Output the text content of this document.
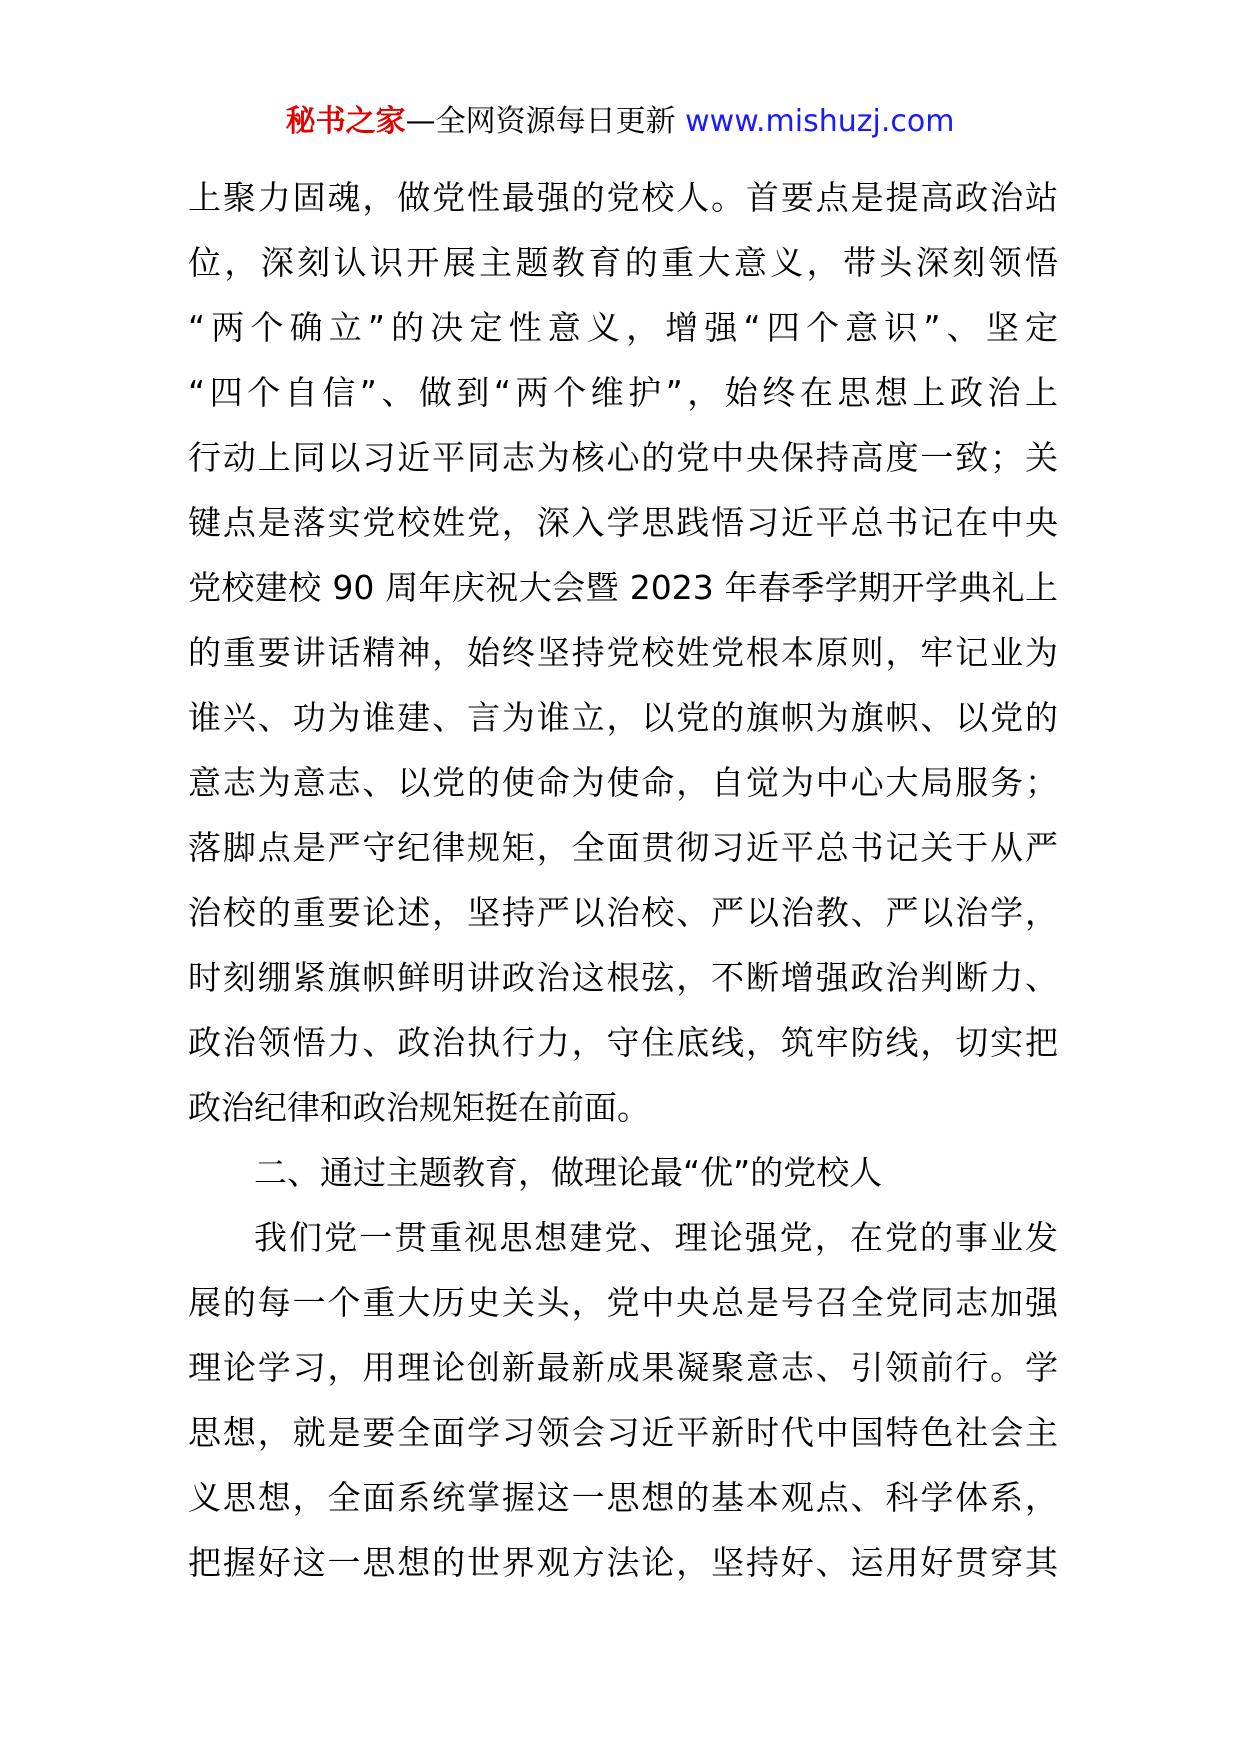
秘书之家—全网资源每日更新 www.mishuzj.com
上聚力固魂，做党性最强的党校人。首要点是提高政治站
位，深刻认识开展主题教育的重大意义，带头深刻领悟
“两个确立”的决定性意义，增强“四个意识”、坚定
“四个自信”、做到“两个维护”，始终在思想上政治上
行动上同以习近平同志为核心的党中央保持高度一致；关
键点是落实党校姓党，深入学思践悟习近平总书记在中央
党校建校 90 周年庆祝大会暨 2023 年春季学期开学典礼上
的重要讲话精神，始终坚持党校姓党根本原则，牢记业为
谁兴、功为谁建、言为谁立，以党的旗帜为旗帜、以党的
意志为意志、以党的使命为使命，自觉为中心大局服务；
落脚点是严守纪律规矩，全面贯彻习近平总书记关于从严
治校的重要论述，坚持严以治校、严以治教、严以治学，
时刻绷紧旗帜鲜明讲政治这根弦，不断增强政治判断力、
政治领悟力、政治执行力，守住底线，筑牢防线，切实把
政治纪律和政治规矩挺在前面。
二、通过主题教育，做理论最“优”的党校人
我们党一贯重视思想建党、理论强党，在党的事业发
展的每一个重大历史关头，党中央总是号召全党同志加强
理论学习，用理论创新最新成果凝聚意志、引领前行。学
思想，就是要全面学习领会习近平新时代中国特色社会主
义思想，全面系统掌握这一思想的基本观点、科学体系，
把握好这一思想的世界观方法论，坚持好、运用好贯穿其
